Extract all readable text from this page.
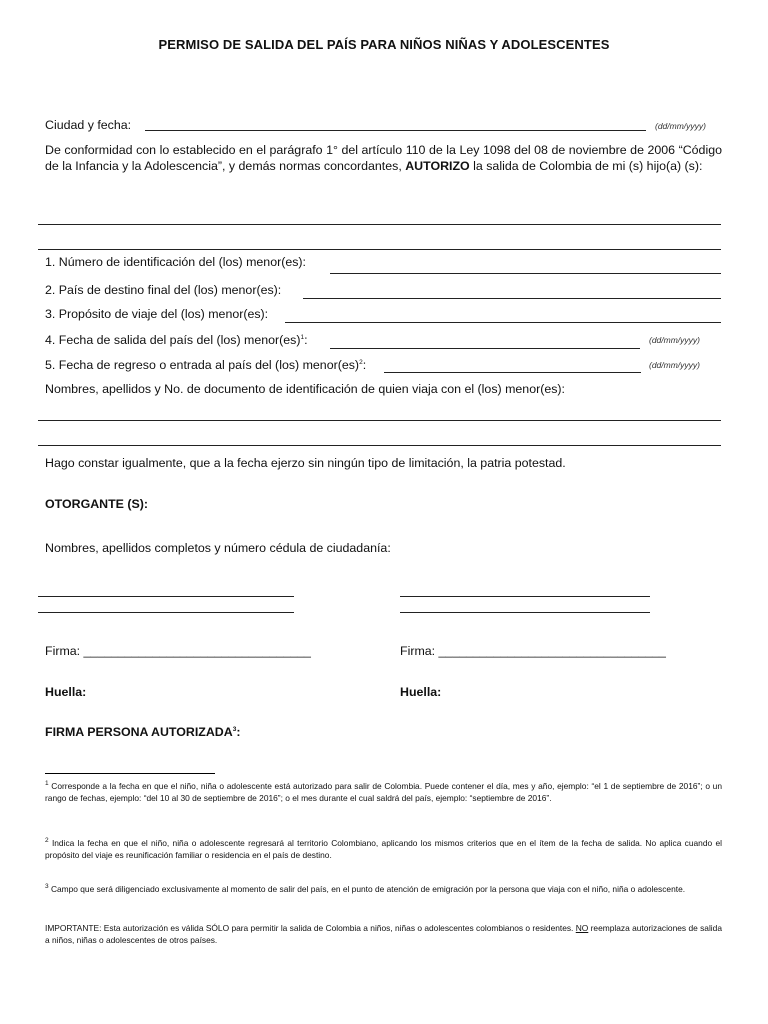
PERMISO DE SALIDA DEL PAÍS PARA NIÑOS NIÑAS Y ADOLESCENTES
Ciudad y fecha:	(dd/mm/yyyy)
De conformidad con lo establecido en el parágrafo 1° del artículo 110 de la Ley 1098 del 08 de noviembre de 2006 “Código de la Infancia y la Adolescencia”, y demás normas concordantes, AUTORIZO la salida de Colombia de mi (s) hijo(a) (s):
1. Número de identificación del (los) menor(es):
2. País de destino final del (los) menor(es):
3. Propósito de viaje del (los) menor(es):
4. Fecha de salida del país del (los) menor(es)$^1$:	(dd/mm/yyyy)
5. Fecha de regreso o entrada al país del (los) menor(es)$^2$:	(dd/mm/yyyy)
Nombres, apellidos y No. de documento de identificación de quien viaja con el (los) menor(es):
Hago constar igualmente, que a la fecha ejerzo sin ningún tipo de limitación, la patria potestad.
OTORGANTE (S):
Nombres, apellidos completos y número cédula de ciudadanía:
Firma: _________________________________	Firma: _________________________________
Huella:	Huella:
FIRMA PERSONA AUTORIZADA$^3$:
$^1$ Corresponde a la fecha en que el niño, niña o adolescente está autorizado para salir de Colombia. Puede contener el día, mes y año, ejemplo: “el 1 de septiembre de 2016”; o un rango de fechas, ejemplo: “del 10 al 30 de septiembre de 2016”; o el mes durante el cual saldrá del país, ejemplo: “septiembre de 2016”.
$^2$ Indica la fecha en que el niño, niña o adolescente regresará al territorio Colombiano, aplicando los mismos criterios que en el ítem de la fecha de salida. No aplica cuando el propósito del viaje es reunificación familiar o residencia en el país de destino.
$^3$ Campo que será diligenciado exclusivamente al momento de salir del país, en el punto de atención de emigración por la persona que viaja con el niño, niña o adolescente.
IMPORTANTE: Esta autorización es válida SÓLO para permitir la salida de Colombia a niños, niñas o adolescentes colombianos o residentes. NO reemplaza autorizaciones de salida a niños, niñas o adolescentes de otros países.
